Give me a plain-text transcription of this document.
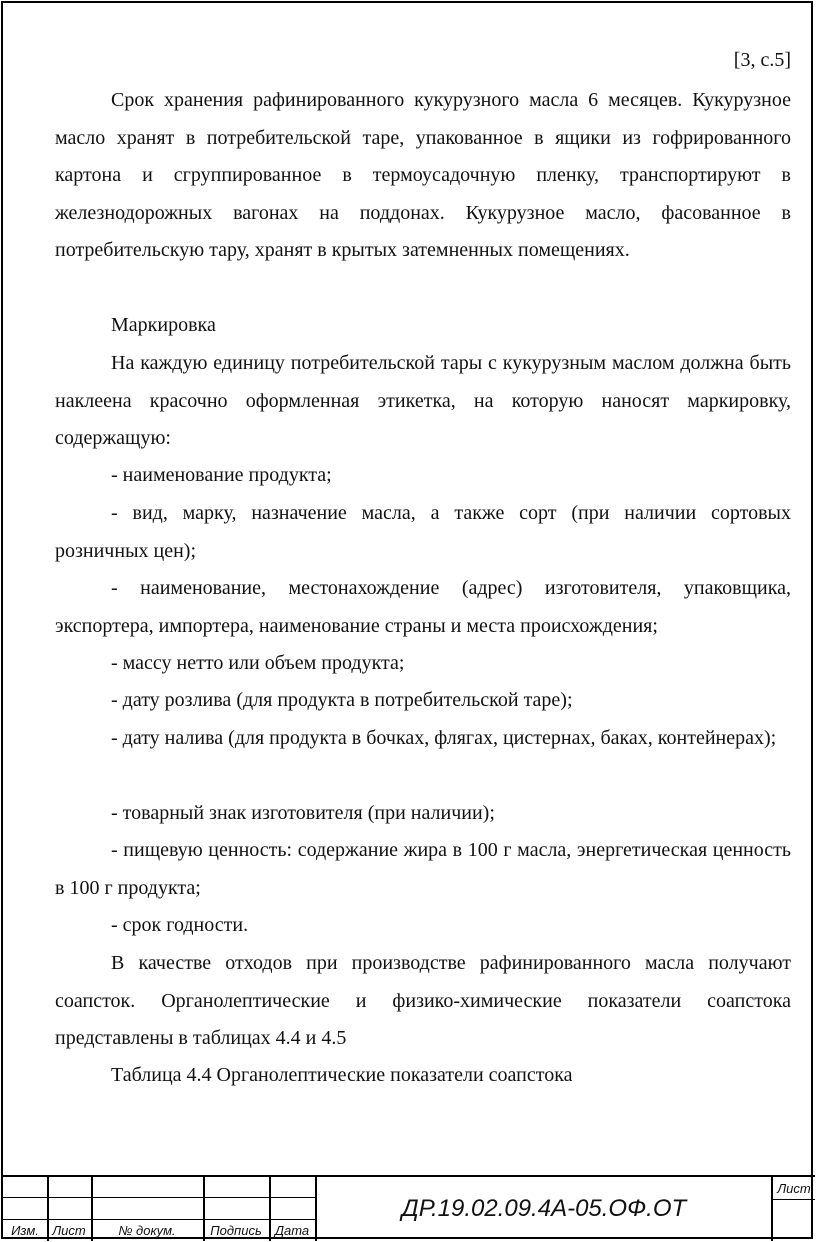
[3, с.5]

Срок хранения рафинированного кукурузного масла 6 месяцев. Кукурузное масло хранят в потребительской таре, упакованное в ящики из гофрированного картона и сгруппированное в термоусадочную пленку, транспортируют в железнодорожных вагонах на поддонах. Кукурузное масло, фасованное в потребительскую тару, хранят в крытых затемненных помещениях.

Маркировка

На каждую единицу потребительской тары с кукурузным маслом должна быть наклеена красочно оформленная этикетка, на которую наносят маркировку, содержащую:

- наименование продукта;

- вид, марку, назначение масла, а также сорт (при наличии сортовых розничных цен);

- наименование, местонахождение (адрес) изготовителя, упаковщика, экспортера, импортера, наименование страны и места происхождения;

- массу нетто или объем продукта;

- дату розлива (для продукта в потребительской таре);

- дату налива (для продукта в бочках, флягах, цистернах, баках, контейнерах);

- товарный знак изготовителя (при наличии);

- пищевую ценность: содержание жира в 100 г масла, энергетическая ценность в 100 г продукта;

- срок годности.

В качестве отходов при производстве рафинированного масла получают соапсток. Органолептические и физико-химические показатели соапстока представлены в таблицах 4.4 и 4.5

Таблица 4.4 Органолептические показатели соапстока

Изм.	Лист	№ докум.	Подпись	Дата
ДР.19.02.09.4А-05.ОФ.ОТ
Лист
